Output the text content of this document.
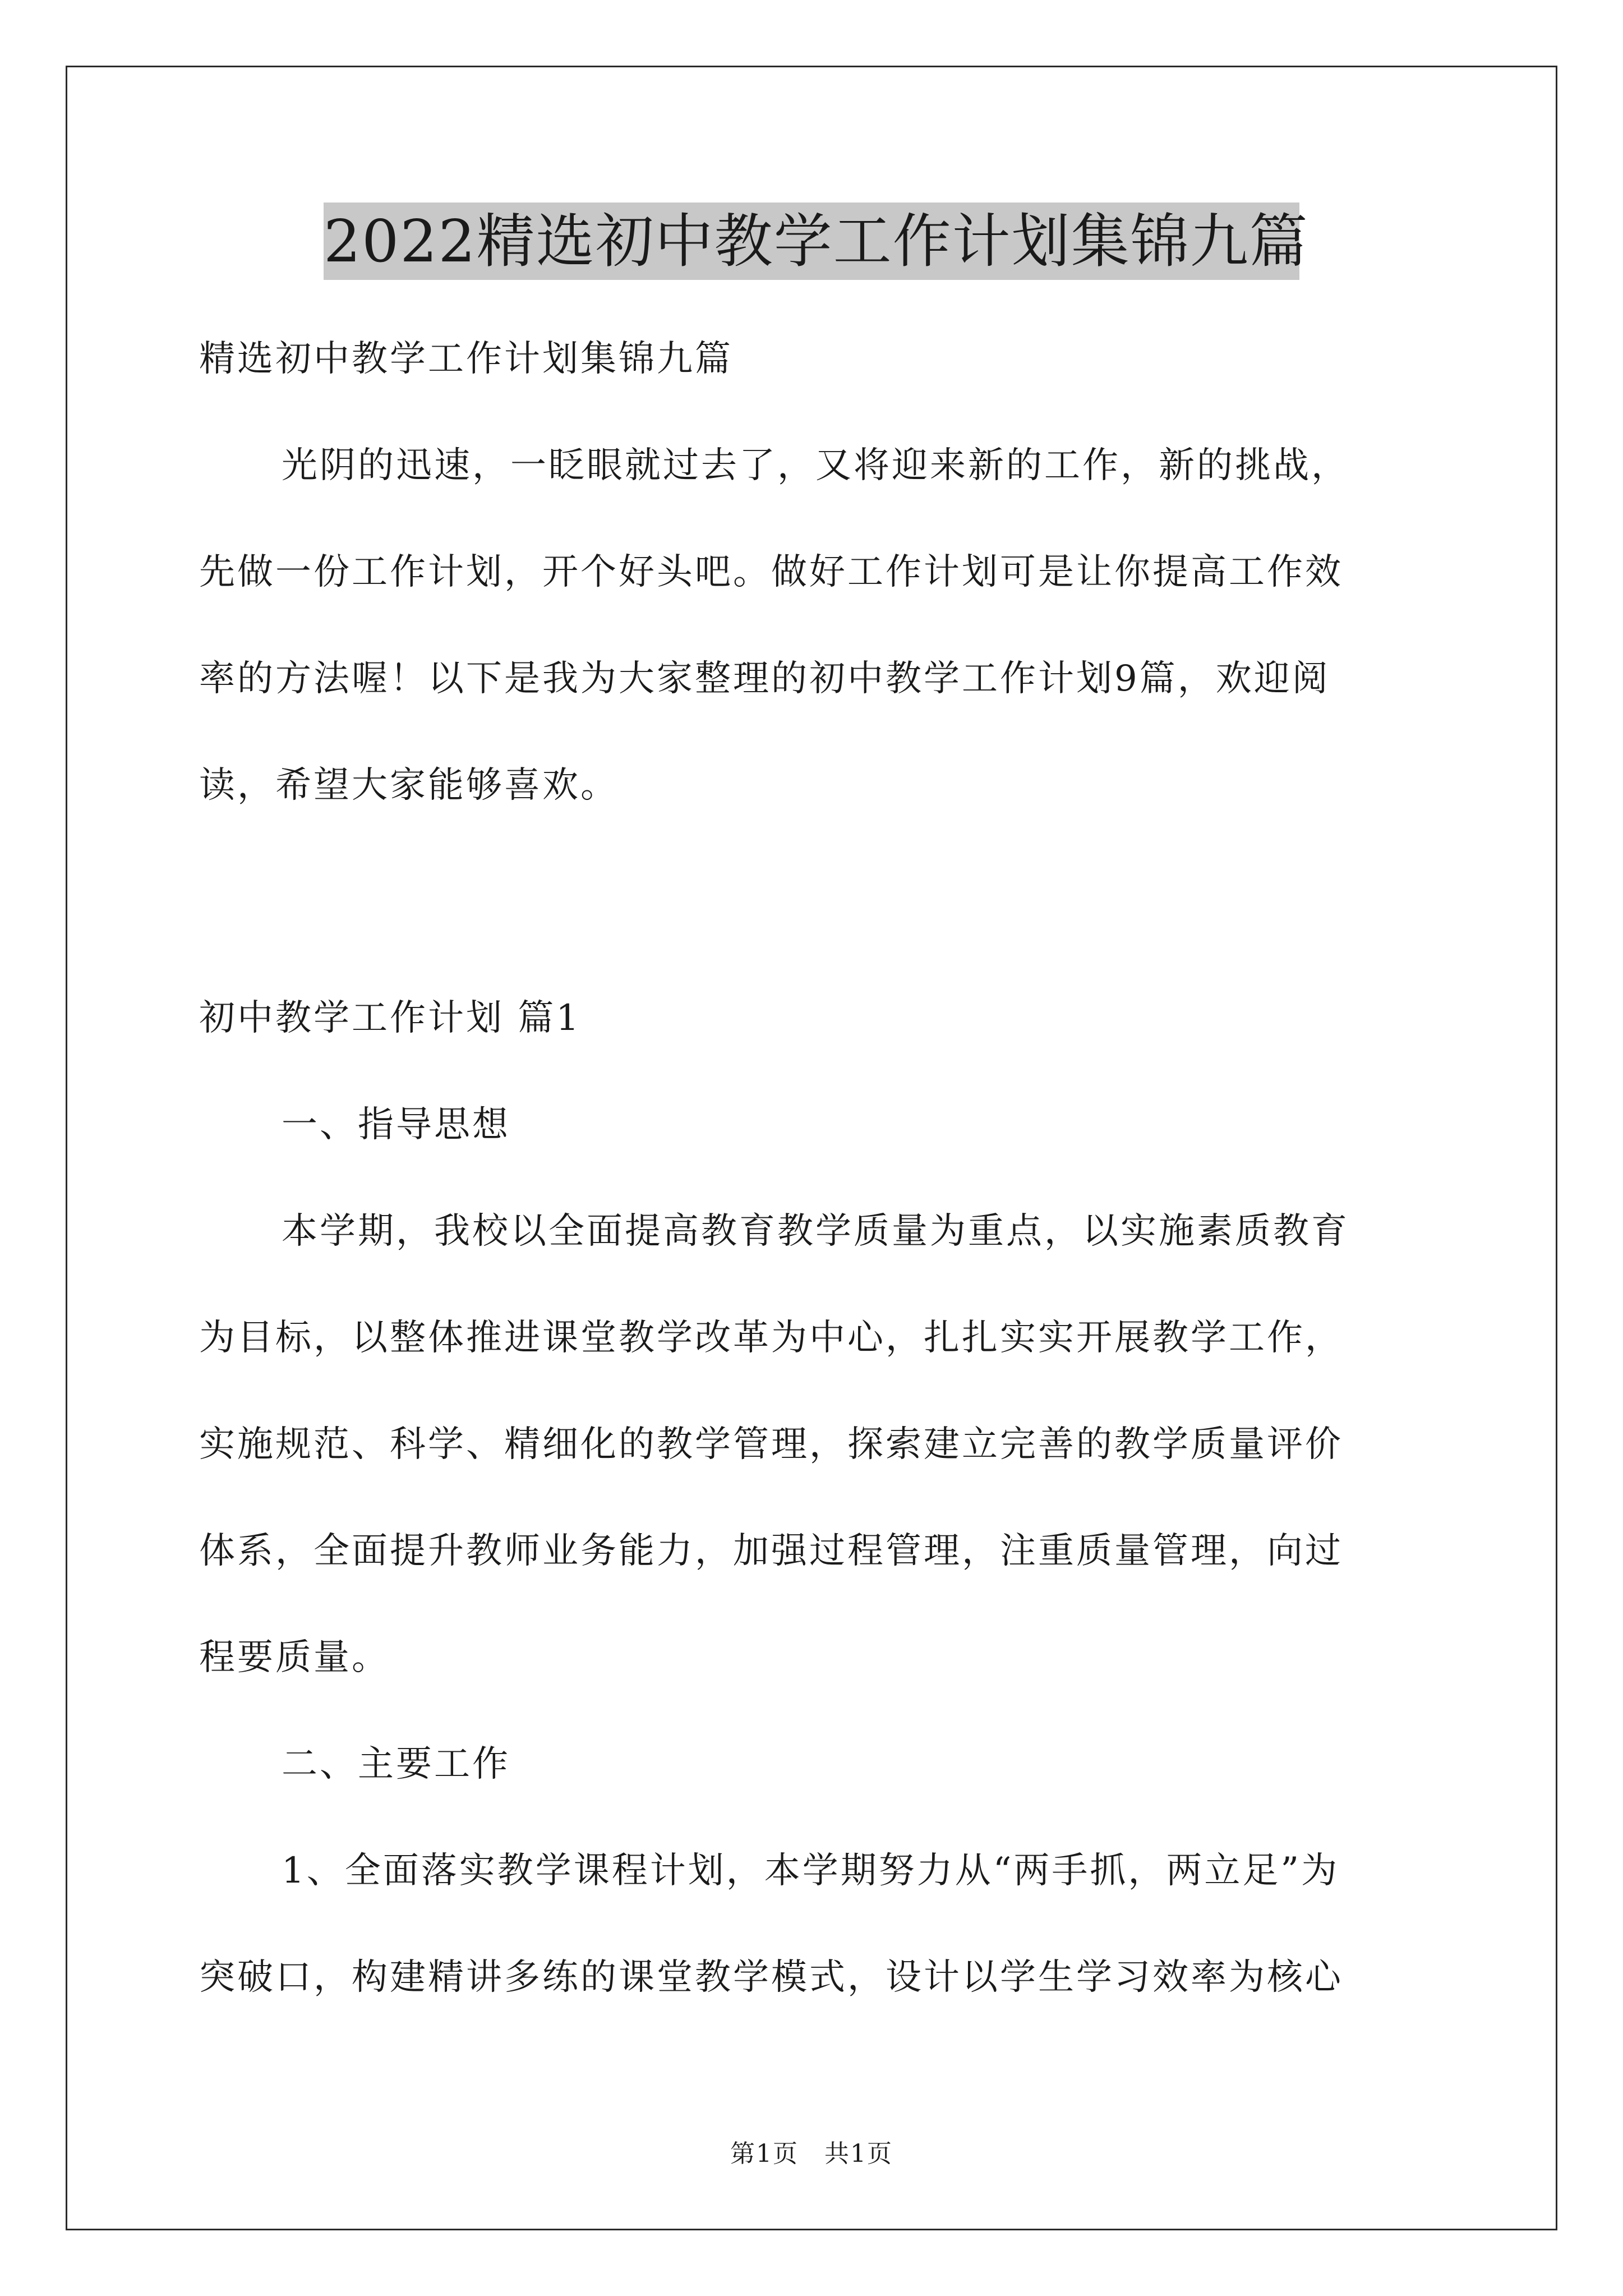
2022精选初中教学工作计划集锦九篇
精选初中教学工作计划集锦九篇
光阴的迅速，一眨眼就过去了，又将迎来新的工作，新的挑战，
先做一份工作计划，开个好头吧。做好工作计划可是让你提高工作效
率的方法喔！以下是我为大家整理的初中教学工作计划9篇，欢迎阅
读，希望大家能够喜欢。
初中教学工作计划 篇1
一、指导思想
本学期，我校以全面提高教育教学质量为重点，以实施素质教育
为目标，以整体推进课堂教学改革为中心，扎扎实实开展教学工作，
实施规范、科学、精细化的教学管理，探索建立完善的教学质量评价
体系，全面提升教师业务能力，加强过程管理，注重质量管理，向过
程要质量。
二、主要工作
1、全面落实教学课程计划，本学期努力从“两手抓，两立足”为
突破口，构建精讲多练的课堂教学模式，设计以学生学习效率为核心
第1页　共1页
